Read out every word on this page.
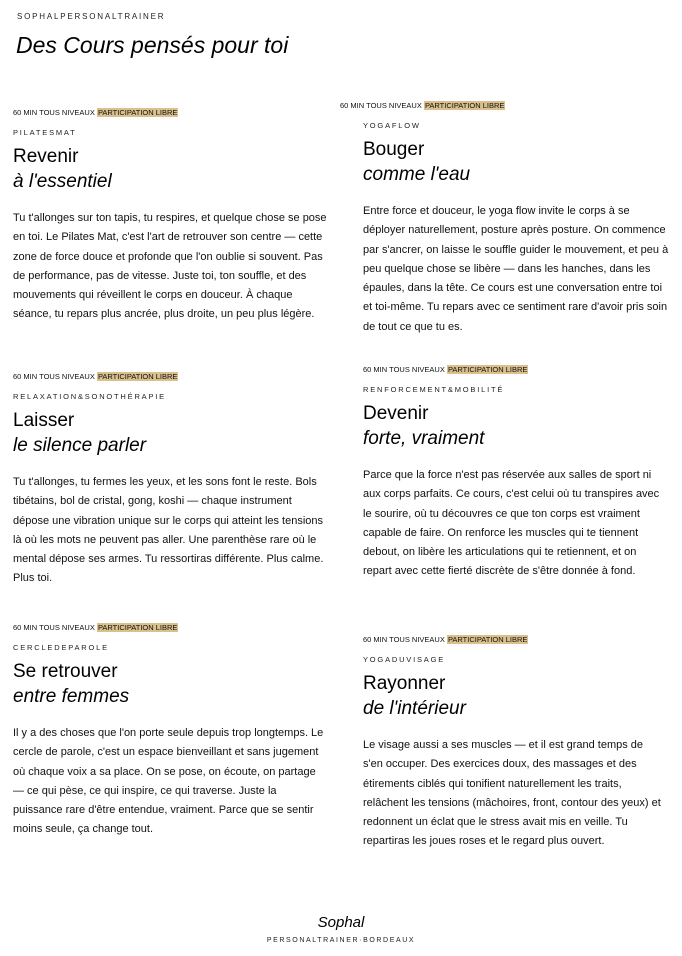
SOPHALPERSONALTRAINER
Des Cours pensés pour toi
60 MIN TOUS NIVEAUX PARTICIPATION LIBRE
PILATESMAT
Revenir
à l'essentiel
Tu t'allonges sur ton tapis, tu respires, et quelque chose se pose en toi. Le Pilates Mat, c'est l'art de retrouver son centre — cette zone de force douce et profonde que l'on oublie si souvent. Pas de performance, pas de vitesse. Juste toi, ton souffle, et des mouvements qui réveillent le corps en douceur. À chaque séance, tu repars plus ancrée, plus droite, un peu plus légère.
60 MIN TOUS NIVEAUX PARTICIPATION LIBRE
YOGAFLOW
Bouger
comme l'eau
Entre force et douceur, le yoga flow invite le corps à se déployer naturellement, posture après posture. On commence par s'ancrer, on laisse le souffle guider le mouvement, et peu à peu quelque chose se libère — dans les hanches, dans les épaules, dans la tête. Ce cours est une conversation entre toi et toi-même. Tu repars avec ce sentiment rare d'avoir pris soin de tout ce que tu es.
60 MIN TOUS NIVEAUX PARTICIPATION LIBRE
RELAXATION&SONOTHÉRAPIE
Laisser
le silence parler
Tu t'allonges, tu fermes les yeux, et les sons font le reste. Bols tibétains, bol de cristal, gong, koshi — chaque instrument dépose une vibration unique sur le corps qui atteint les tensions là où les mots ne peuvent pas aller. Une parenthèse rare où le mental dépose ses armes. Tu ressortiras différente. Plus calme. Plus toi.
60 MIN TOUS NIVEAUX PARTICIPATION LIBRE
RENFORCEMENT&MOBILITÉ
Devenir
forte, vraiment
Parce que la force n'est pas réservée aux salles de sport ni aux corps parfaits. Ce cours, c'est celui où tu transpires avec le sourire, où tu découvres ce que ton corps est vraiment capable de faire. On renforce les muscles qui te tiennent debout, on libère les articulations qui te retiennent, et on repart avec cette fierté discrète de s'être donnée à fond.
60 MIN TOUS NIVEAUX PARTICIPATION LIBRE
CERCLEDEPAROLE
Se retrouver
entre femmes
Il y a des choses que l'on porte seule depuis trop longtemps. Le cercle de parole, c'est un espace bienveillant et sans jugement où chaque voix a sa place. On se pose, on écoute, on partage — ce qui pèse, ce qui inspire, ce qui traverse. Juste la puissance rare d'être entendue, vraiment. Parce que se sentir moins seule, ça change tout.
60 MIN TOUS NIVEAUX PARTICIPATION LIBRE
YOGADUVISAGE
Rayonner
de l'intérieur
Le visage aussi a ses muscles — et il est grand temps de s'en occuper. Des exercices doux, des massages et des étirements ciblés qui tonifient naturellement les traits, relâchent les tensions (mâchoires, front, contour des yeux) et redonnent un éclat que le stress avait mis en veille. Tu repartiras les joues roses et le regard plus ouvert.
Sophal
PERSONALTRAINER·BORDEAUX
